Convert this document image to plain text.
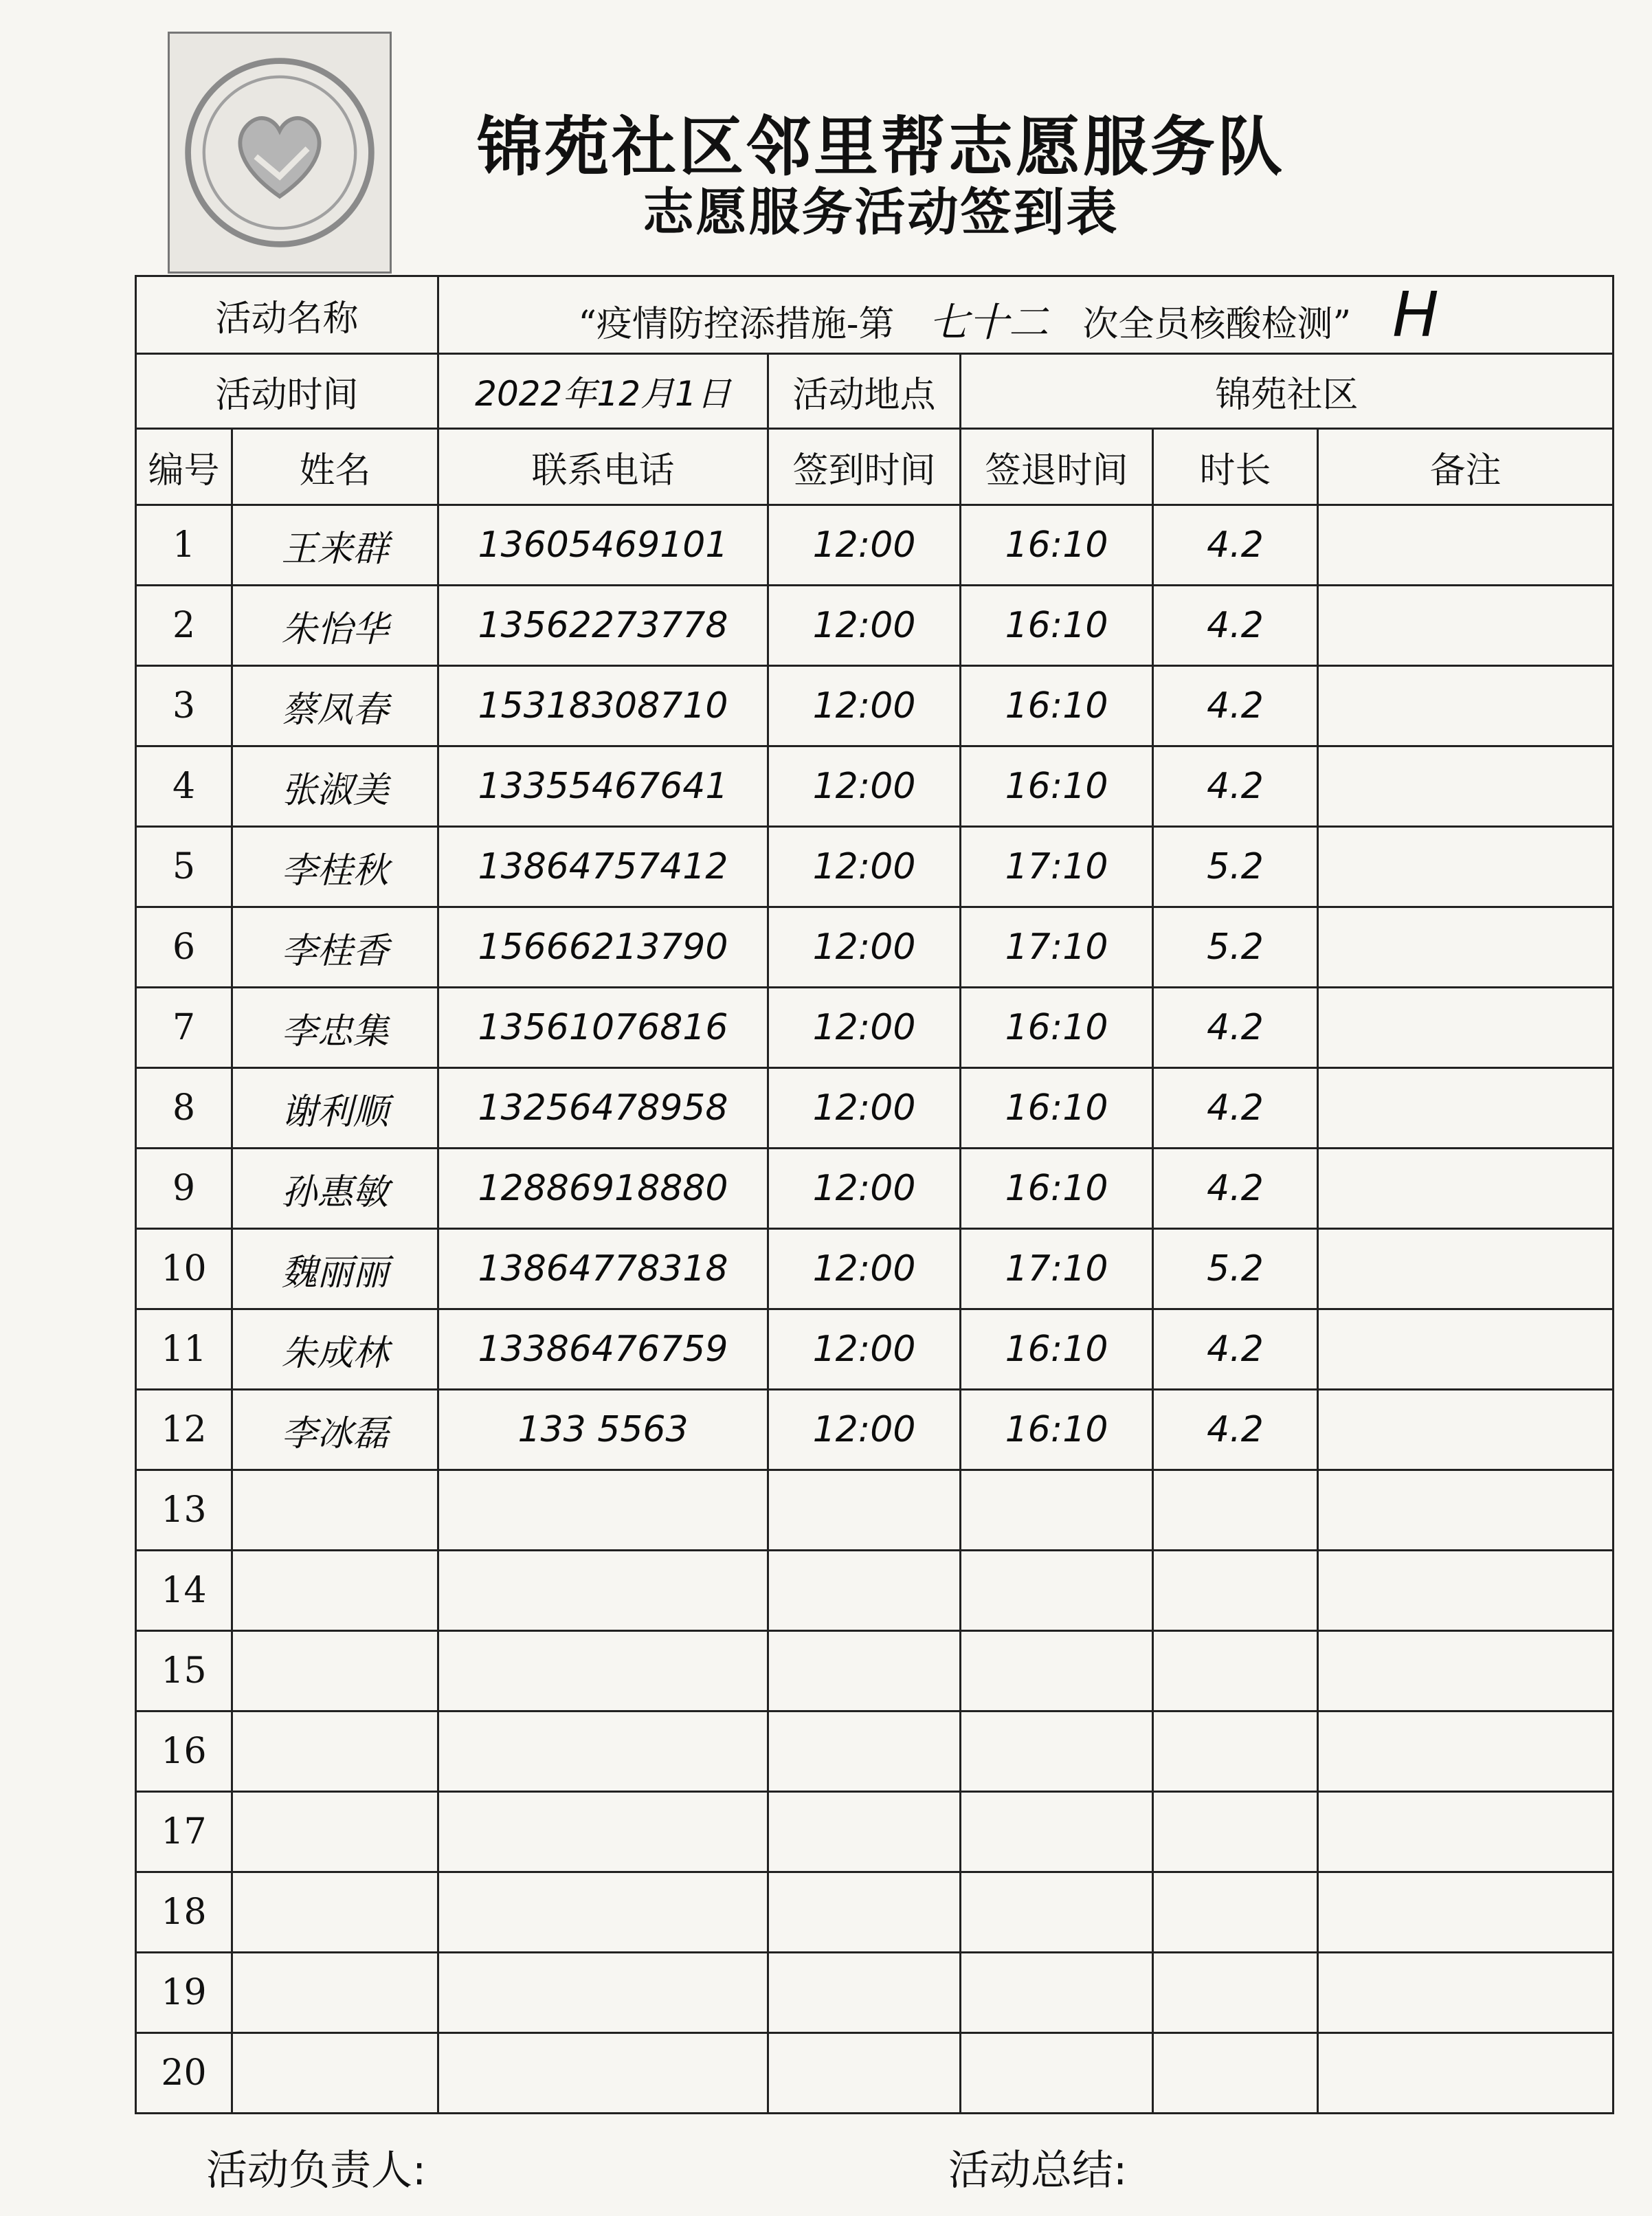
锦苑社区邻里帮志愿服务队
志愿服务活动签到表
活动名称		“疫情防控添措施-第 七十二 次全员核酸检测” H				
活动时间		2022年12月1日	活动地点	锦苑社区		
编号	姓名	联系电话	签到时间	签退时间	时长	备注
1	王来群	13605469101	12:00	16:10	4.2	
2	朱怡华	13562273778	12:00	16:10	4.2	
3	蔡凤春	15318308710	12:00	16:10	4.2	
4	张淑美	13355467641	12:00	16:10	4.2	
5	李桂秋	13864757412	12:00	17:10	5.2	
6	李桂香	15666213790	12:00	17:10	5.2	
7	李忠集	13561076816	12:00	16:10	4.2	
8	谢利顺	13256478958	12:00	16:10	4.2	
9	孙惠敏	12886918880	12:00	16:10	4.2	
10	魏丽丽	13864778318	12:00	17:10	5.2	
11	朱成林	13386476759	12:00	16:10	4.2	
12	李冰磊	133 5563	12:00	16:10	4.2	
13						
14						
15						
16						
17						
18						
19						
20						
活动负责人:	活动总结:
